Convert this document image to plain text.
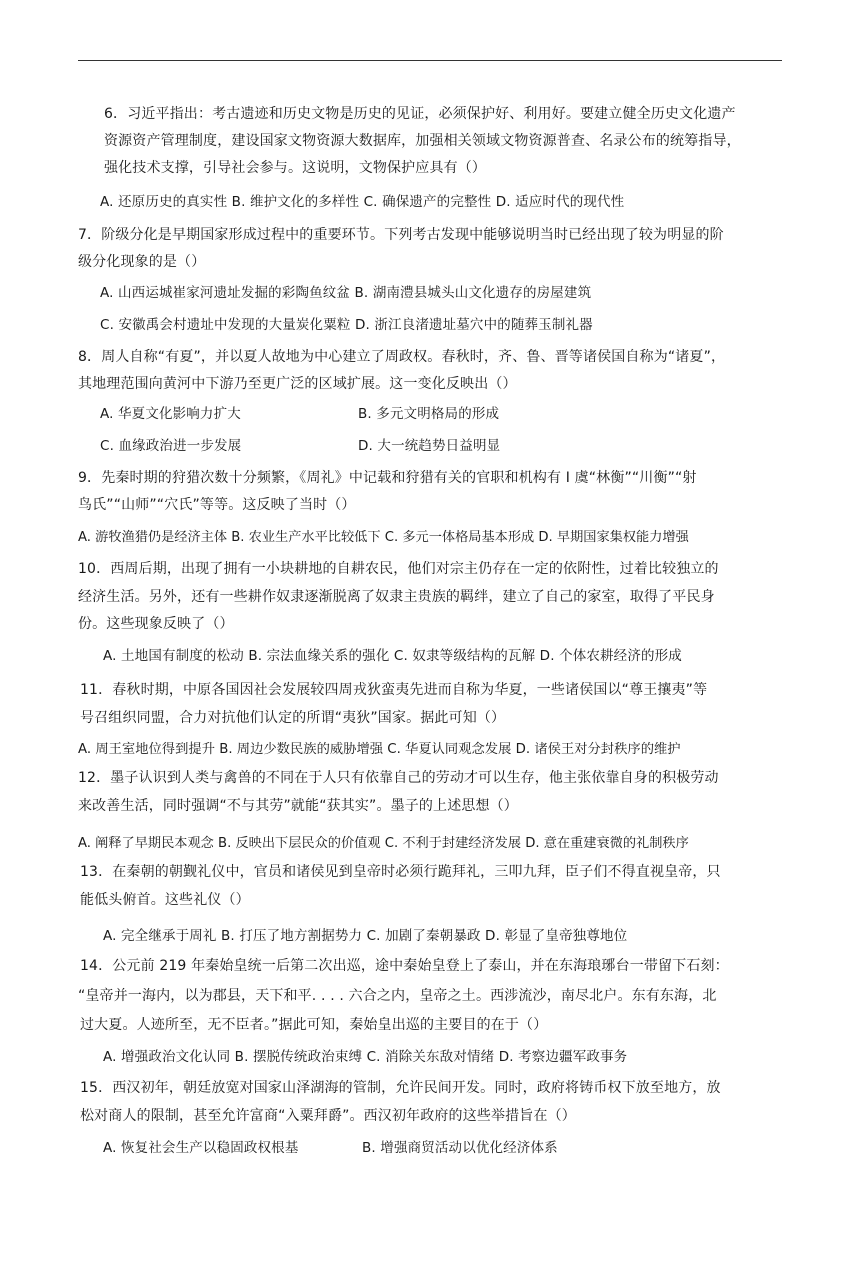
6．习近平指出：考古遗迹和历史文物是历史的见证，必须保护好、利用好。要建立健全历史文化遗产
资源资产管理制度，建设国家文物资源大数据库，加强相关领域文物资源普查、名录公布的统筹指导，
强化技术支撑，引导社会参与。这说明，文物保护应具有（）
A. 还原历史的真实性 B. 维护文化的多样性 C. 确保遗产的完整性 D. 适应时代的现代性
7．阶级分化是早期国家形成过程中的重要环节。下列考古发现中能够说明当时已经出现了较为明显的阶
级分化现象的是（）
A. 山西运城崔家河遗址发掘的彩陶鱼纹盆 B. 湖南澧县城头山文化遗存的房屋建筑
C. 安徽禹会村遗址中发现的大量炭化粟粒 D. 浙江良渚遗址墓穴中的随葬玉制礼器
8．周人自称“有夏”，并以夏人故地为中心建立了周政权。春秋时，齐、鲁、晋等诸侯国自称为“诸夏”，
其地理范围向黄河中下游乃至更广泛的区域扩展。这一变化反映出（）
A. 华夏文化影响力扩大	B. 多元文明格局的形成
C. 血缘政治进一步发展	D. 大一统趋势日益明显
9．先秦时期的狩猎次数十分频繁，《周礼》中记载和狩猎有关的官职和机构有 I 虞“林衡”“川衡”“射
鸟氏”“山师”“穴氏”等等。这反映了当时（）
A. 游牧渔猎仍是经济主体 B. 农业生产水平比较低下 C. 多元一体格局基本形成 D. 早期国家集权能力增强
10．西周后期，出现了拥有一小块耕地的自耕农民，他们对宗主仍存在一定的依附性，过着比较独立的
经济生活。另外，还有一些耕作奴隶逐渐脱离了奴隶主贵族的羁绊，建立了自己的家室，取得了平民身
份。这些现象反映了（）
A. 土地国有制度的松动 B. 宗法血缘关系的强化 C. 奴隶等级结构的瓦解 D. 个体农耕经济的形成
11．春秋时期，中原各国因社会发展较四周戎狄蛮夷先进而自称为华夏，一些诸侯国以“尊王攘夷”等
号召组织同盟，合力对抗他们认定的所谓“夷狄”国家。据此可知（）
A. 周王室地位得到提升 B. 周边少数民族的威胁增强 C. 华夏认同观念发展 D. 诸侯王对分封秩序的维护
12．墨子认识到人类与禽兽的不同在于人只有依靠自己的劳动才可以生存，他主张依靠自身的积极劳动
来改善生活，同时强调“不与其劳”就能“获其实”。墨子的上述思想（）
A. 阐释了早期民本观念 B. 反映出下层民众的价值观 C. 不利于封建经济发展 D. 意在重建衰微的礼制秩序
13．在秦朝的朝觐礼仪中，官员和诸侯见到皇帝时必须行跪拜礼，三叩九拜，臣子们不得直视皇帝，只
能低头俯首。这些礼仪（）
A. 完全继承于周礼 B. 打压了地方割据势力 C. 加剧了秦朝暴政 D. 彰显了皇帝独尊地位
14．公元前 219 年秦始皇统一后第二次出巡，途中秦始皇登上了泰山，并在东海琅琊台一带留下石刻：
“皇帝并一海内，以为郡县，天下和平. . . . 六合之内，皇帝之土。西涉流沙，南尽北户。东有东海，北
过大夏。人迹所至，无不臣者。”据此可知，秦始皇出巡的主要目的在于（）
A. 增强政治文化认同 B. 摆脱传统政治束缚 C. 消除关东敌对情绪 D. 考察边疆军政事务
15．西汉初年，朝廷放宽对国家山泽湖海的管制，允许民间开发。同时，政府将铸币权下放至地方，放
松对商人的限制，甚至允许富商“入粟拜爵”。西汉初年政府的这些举措旨在（）
A. 恢复社会生产以稳固政权根基	B. 增强商贸活动以优化经济体系
